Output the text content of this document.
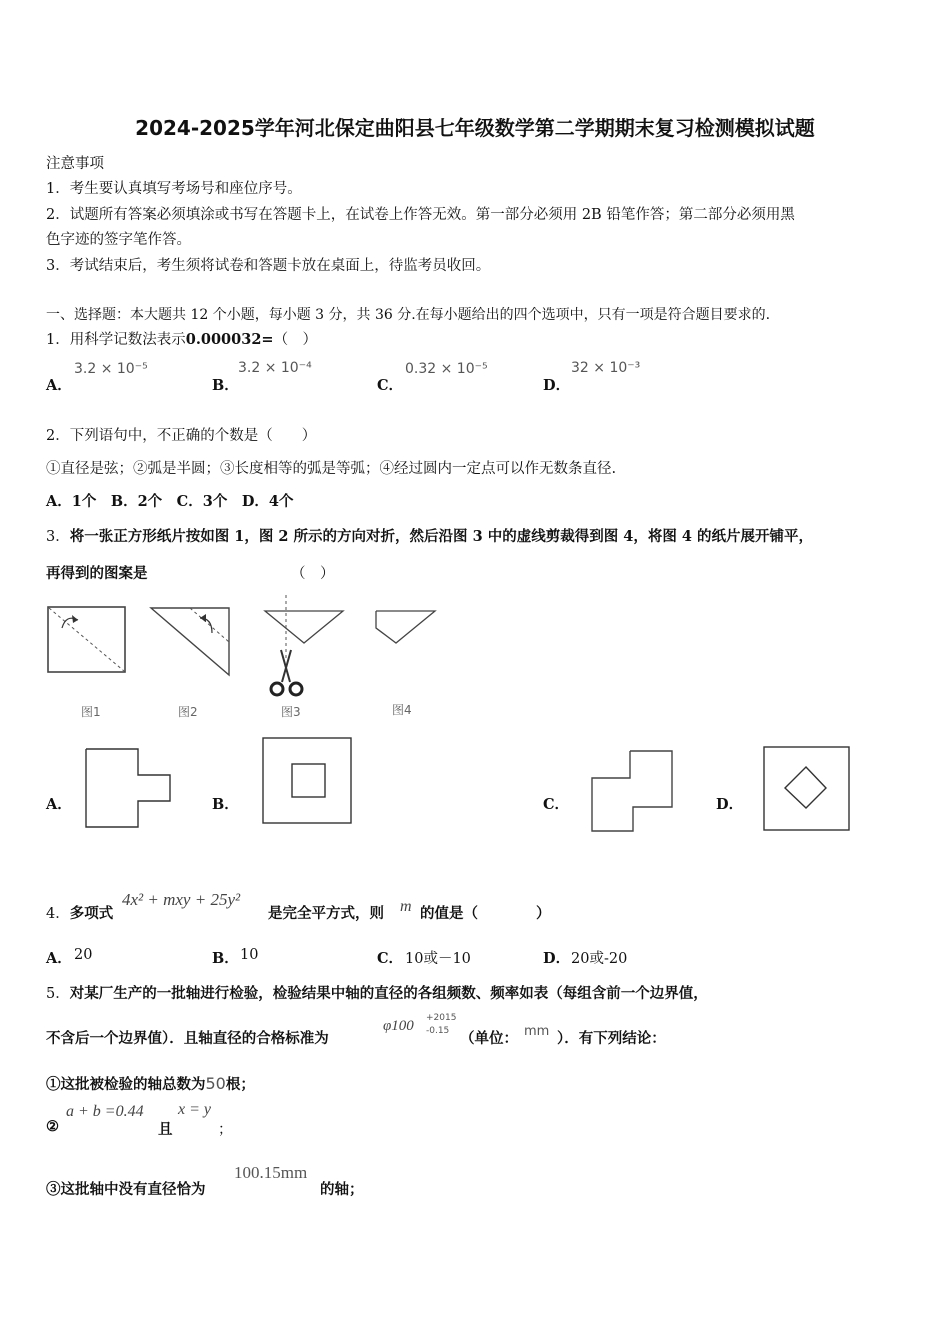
2024-2025学年河北保定曲阳县七年级数学第二学期期末复习检测模拟试题
注意事项
1．考生要认真填写考场号和座位序号。
2．试题所有答案必须填涂或书写在答题卡上，在试卷上作答无效。第一部分必须用 2B 铅笔作答；第二部分必须用黑
色字迹的签字笔作答。
3．考试结束后，考生须将试卷和答题卡放在桌面上，待监考员收回。
一、选择题：本大题共 12 个小题，每小题 3 分，共 36 分.在每小题给出的四个选项中，只有一项是符合题目要求的.
1．用科学记数法表示0.000032=（　）
A．
3.2 × 10⁻⁵
B．
3.2 × 10⁻⁴
C．
0.32 × 10⁻⁵
D．
32 × 10⁻³
2．下列语句中，不正确的个数是（　　）
①直径是弦；②弧是半圆；③长度相等的弧是等弧；④经过圆内一定点可以作无数条直径.
A．1个　B．2个　C．3个　D．4个
3．将一张正方形纸片按如图 1，图 2 所示的方向对折，然后沿图 3 中的虚线剪裁得到图 4，将图 4 的纸片展开铺平，
再得到的图案是	（　）
图1	图2	图3	图4
A．	B．	C．	D．
4．多项式
4x² + mxy + 25y²
是完全平方式，则 m 的值是（　　　　）
A． 20	B． 10	C． 10或－10	D． 20或-20
5．对某厂生产的一批轴进行检验，检验结果中轴的直径的各组频数、频率如表（每组含前一个边界值，
不含后一个边界值）．且轴直径的合格标准为
φ100 +2015
-0.15 （单位： mm ）．有下列结论：
①这批被检验的轴总数为50根；
②
a + b =0.44
且
x = y
；
③这批轴中没有直径恰为
100.15mm
的轴；
